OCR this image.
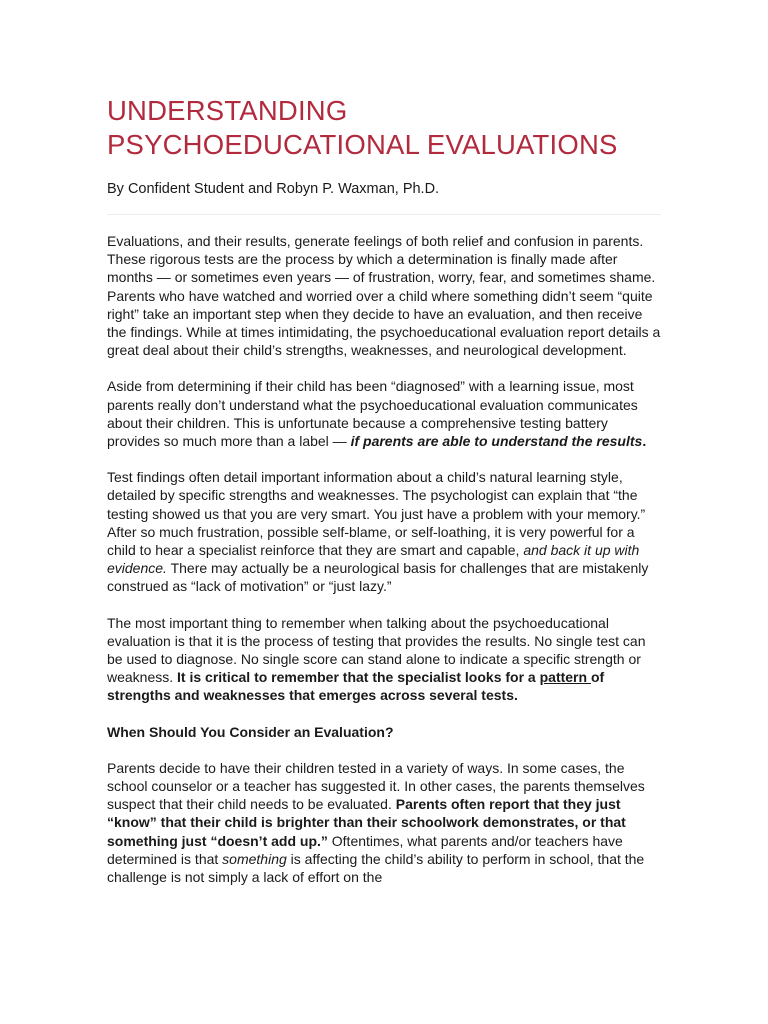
UNDERSTANDING
PSYCHOEDUCATIONAL EVALUATIONS

By Confident Student and Robyn P. Waxman, Ph.D.

Evaluations, and their results, generate feelings of both relief and confusion in parents. These rigorous tests are the process by which a determination is finally made after months — or sometimes even years — of frustration, worry, fear, and sometimes shame. Parents who have watched and worried over a child where something didn’t seem “quite right” take an important step when they decide to have an evaluation, and then receive the findings. While at times intimidating, the psychoeducational evaluation report details a great deal about their child’s strengths, weaknesses, and neurological development.

Aside from determining if their child has been “diagnosed” with a learning issue, most parents really don’t understand what the psychoeducational evaluation communicates about their children. This is unfortunate because a comprehensive testing battery provides so much more than a label — if parents are able to understand the results.

Test findings often detail important information about a child’s natural learning style, detailed by specific strengths and weaknesses. The psychologist can explain that “the testing showed us that you are very smart. You just have a problem with your memory.” After so much frustration, possible self-blame, or self-loathing, it is very powerful for a child to hear a specialist reinforce that they are smart and capable, and back it up with evidence. There may actually be a neurological basis for challenges that are mistakenly construed as “lack of motivation” or “just lazy.”

The most important thing to remember when talking about the psychoeducational evaluation is that it is the process of testing that provides the results. No single test can be used to diagnose. No single score can stand alone to indicate a specific strength or weakness. It is critical to remember that the specialist looks for a pattern of strengths and weaknesses that emerges across several tests.

When Should You Consider an Evaluation?

Parents decide to have their children tested in a variety of ways. In some cases, the school counselor or a teacher has suggested it. In other cases, the parents themselves suspect that their child needs to be evaluated. Parents often report that they just “know” that their child is brighter than their schoolwork demonstrates, or that something just “doesn’t add up.” Oftentimes, what parents and/or teachers have determined is that something is affecting the child’s ability to perform in school, that the challenge is not simply a lack of effort on the
